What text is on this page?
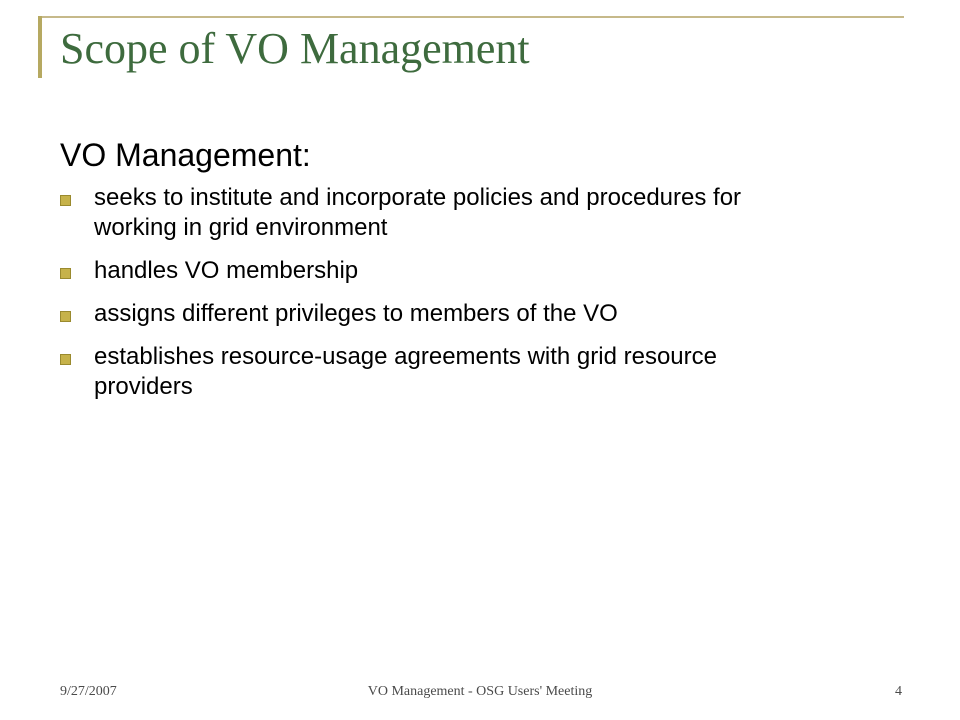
Scope of VO Management
VO Management:
seeks to institute and incorporate policies and procedures for working in grid environment
handles VO membership
assigns different privileges to members of the VO
establishes resource-usage agreements with grid resource providers
9/27/2007	VO Management - OSG Users' Meeting	4
